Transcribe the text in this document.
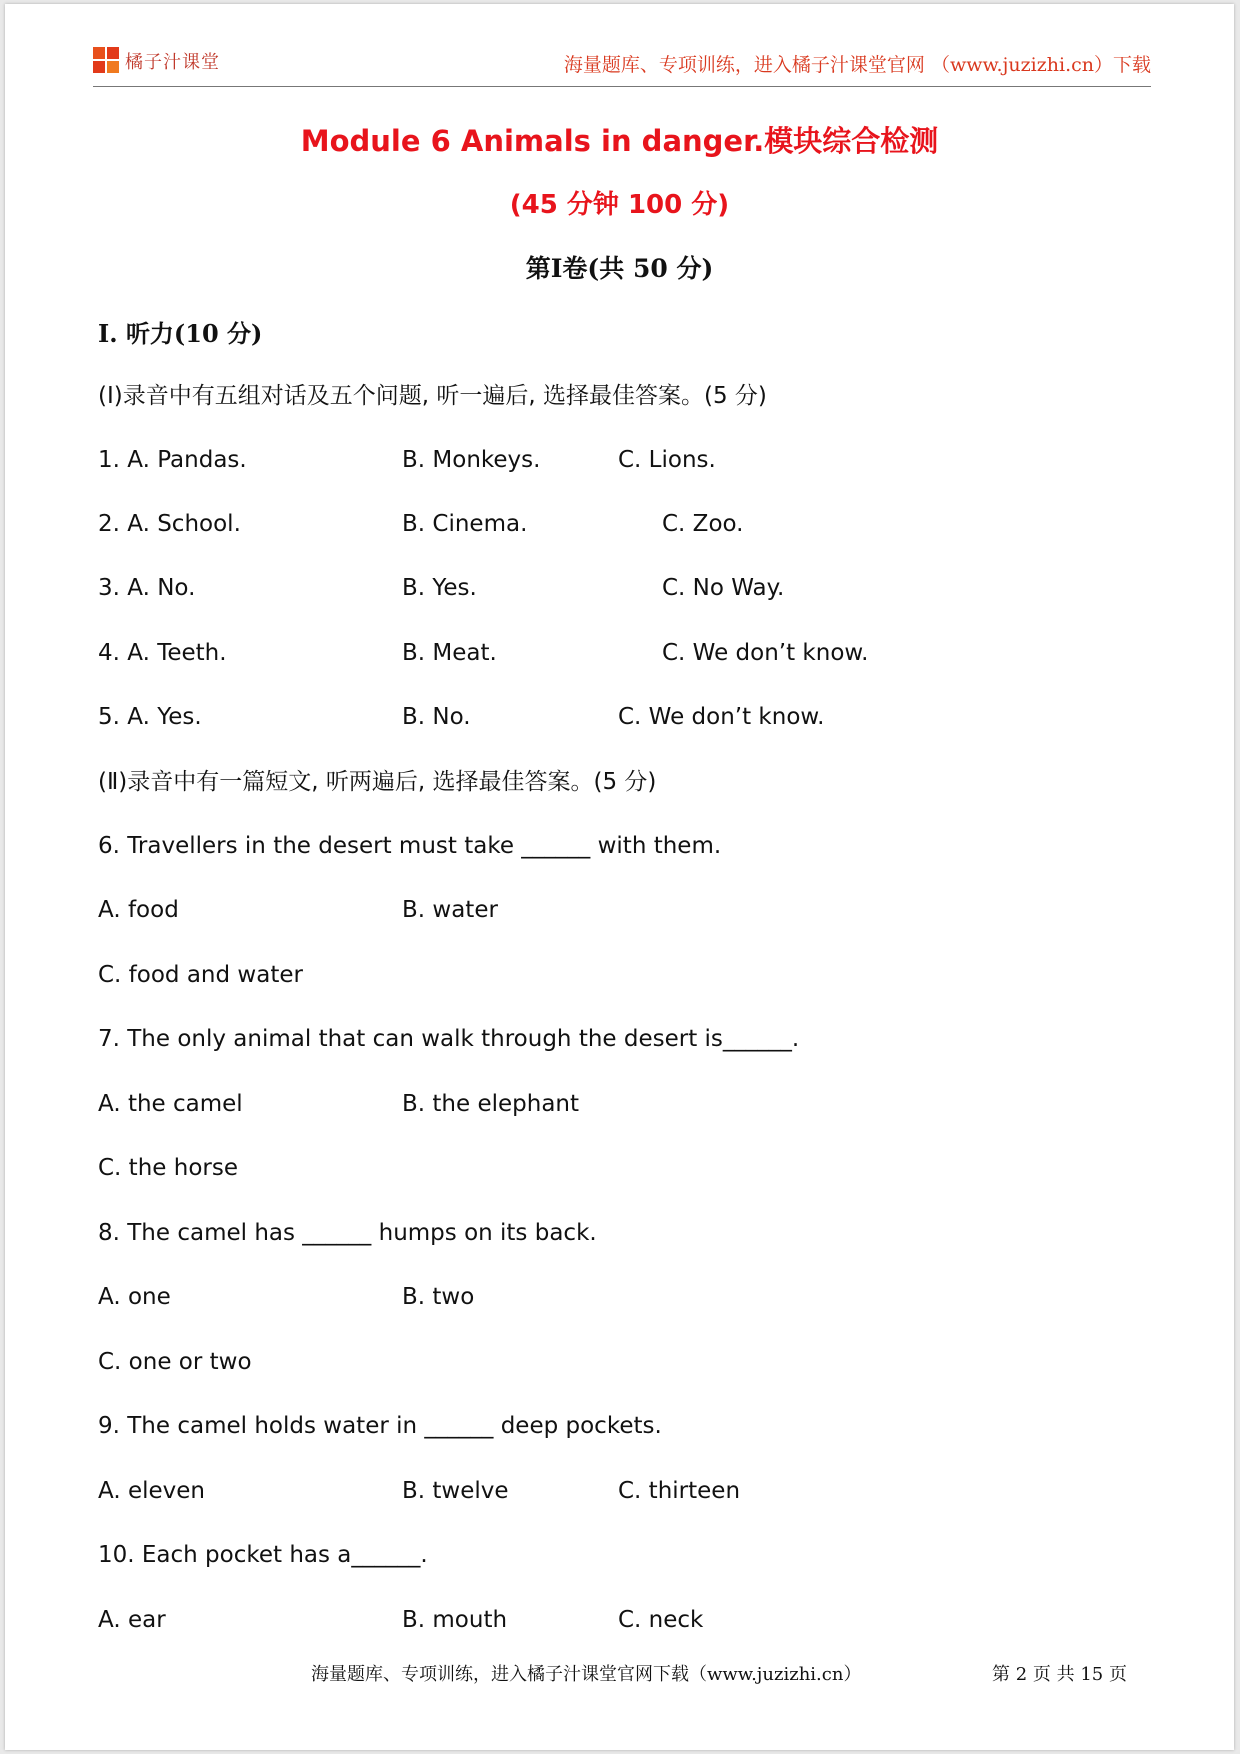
橘子汁课堂	海量题库、专项训练，进入橘子汁课堂官网 （www.juzizhi.cn）下载
Module 6 Animals in danger.模块综合检测
(45 分钟 100 分)
第Ⅰ卷(共 50 分)
Ⅰ. 听力(10 分)
(Ⅰ)录音中有五组对话及五个问题, 听一遍后, 选择最佳答案。(5 分)
1. A. Pandas.	B. Monkeys.	C. Lions.
2. A. School.	B. Cinema.	C. Zoo.
3. A. No.	B. Yes.	C. No Way.
4. A. Teeth.	B. Meat.	C. We don’t know.
5. A. Yes.	B. No.	C. We don’t know.
(Ⅱ)录音中有一篇短文, 听两遍后, 选择最佳答案。(5 分)
6. Travellers in the desert must take ______ with them.
A. food	B. water
C. food and water
7. The only animal that can walk through the desert is______.
A. the camel	B. the elephant
C. the horse
8. The camel has ______ humps on its back.
A. one	B. two
C. one or two
9. The camel holds water in ______ deep pockets.
A. eleven	B. twelve	C. thirteen
10. Each pocket has a______.
A. ear	B. mouth	C. neck
海量题库、专项训练，进入橘子汁课堂官网下载（www.juzizhi.cn）	第 2 页 共 15 页
